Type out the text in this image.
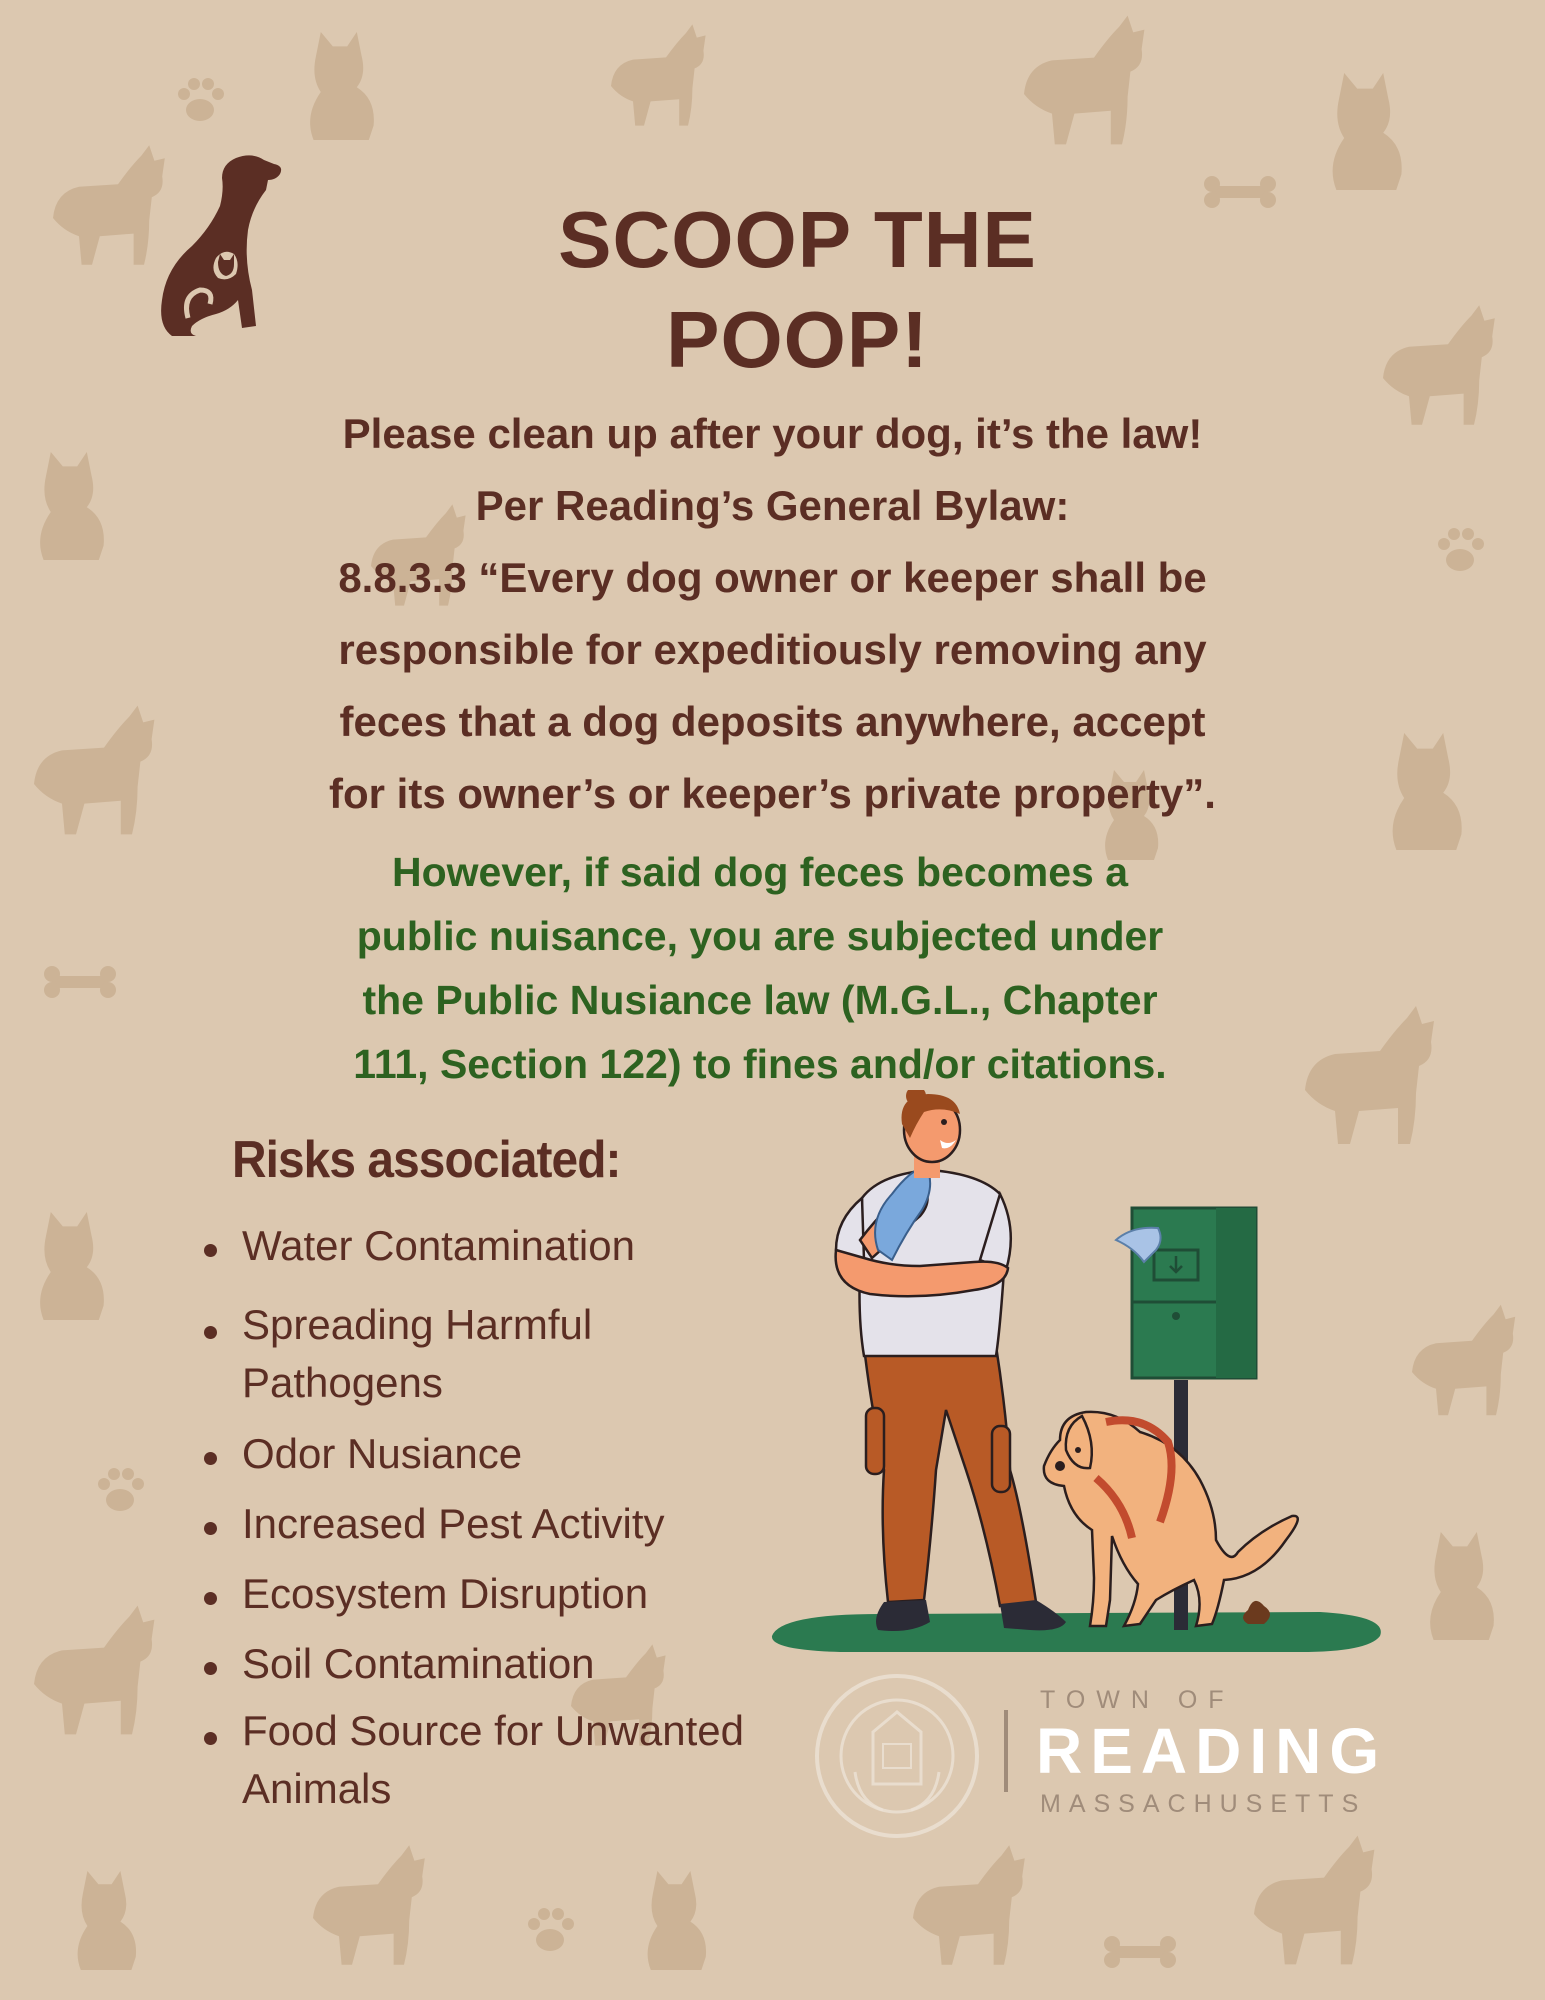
SCOOP THE
POOP!
Please clean up after your dog, it’s the law!
Per Reading’s General Bylaw:
8.8.3.3 “Every dog owner or keeper shall be
responsible for expeditiously removing any
feces that a dog deposits anywhere, accept
for its owner’s or keeper’s private property”.
However, if said dog feces becomes a
public nuisance, you are subjected under
the Public Nusiance law (M.G.L., Chapter
111, Section 122) to fines and/or citations.
Risks associated:
Water Contamination
Spreading Harmful
Pathogens
Odor Nusiance
Increased Pest Activity
Ecosystem Disruption
Soil Contamination
Food Source for Unwanted
Animals
TOWN OF
READING
MASSACHUSETTS
